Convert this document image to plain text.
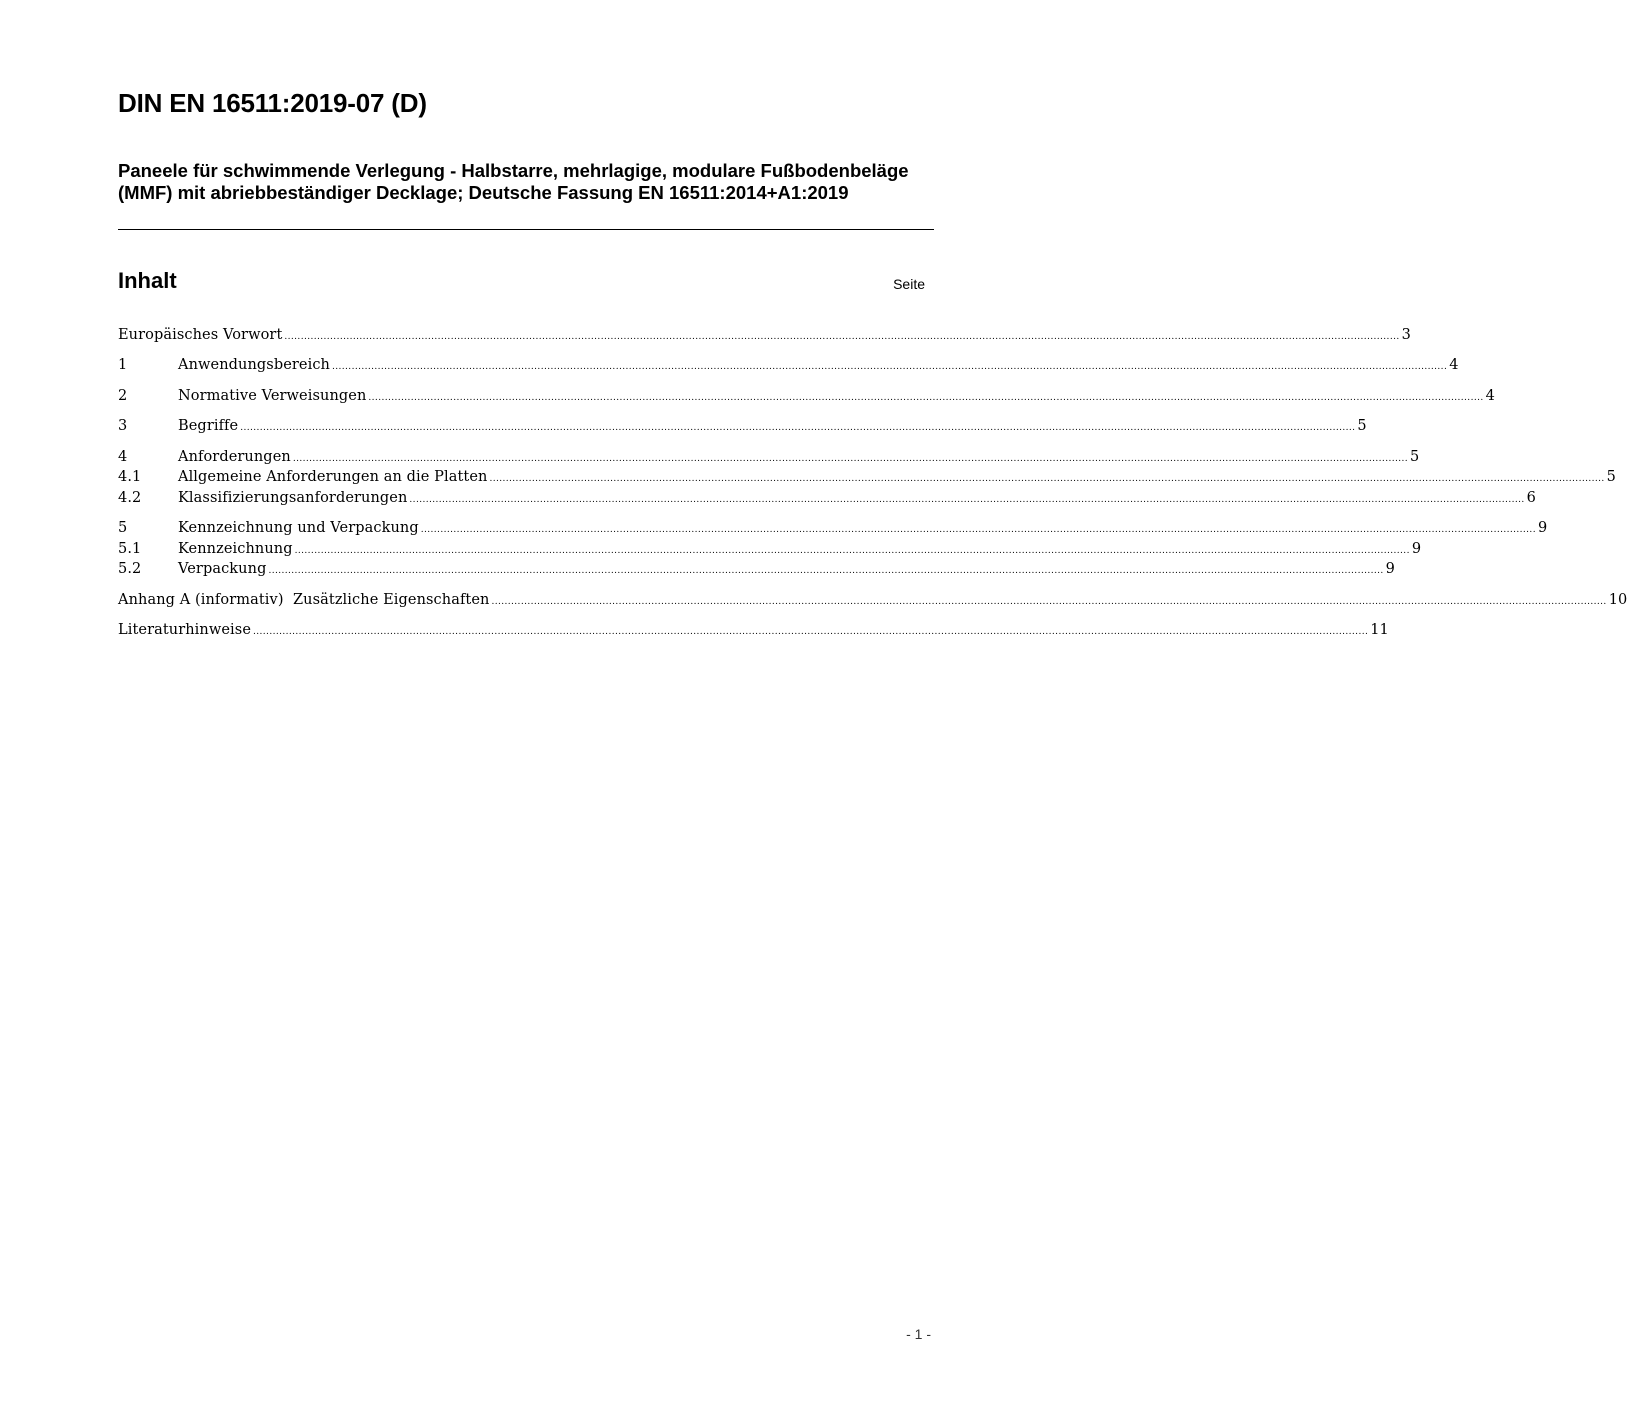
DIN EN 16511:2019-07 (D)

Paneele für schwimmende Verlegung - Halbstarre, mehrlagige, modulare Fußbodenbeläge (MMF) mit abriebbeständiger Decklage; Deutsche Fassung EN 16511:2014+A1:2019

Inhalt	Seite
Europäisches Vorwort ...................................................................................................................................................................................................................................................................................................................................................... 3
1	Anwendungsbereich ...................................................................................................................................................................................................................................................................................................................................................... 4
2	Normative Verweisungen ...................................................................................................................................................................................................................................................................................................................................................... 4
3	Begriffe ...................................................................................................................................................................................................................................................................................................................................................... 5
4	Anforderungen ...................................................................................................................................................................................................................................................................................................................................................... 5
4.1	Allgemeine Anforderungen an die Platten ...................................................................................................................................................................................................................................................................................................................................................... 5
4.2	Klassifizierungsanforderungen ...................................................................................................................................................................................................................................................................................................................................................... 6
5	Kennzeichnung und Verpackung ...................................................................................................................................................................................................................................................................................................................................................... 9
5.1	Kennzeichnung ...................................................................................................................................................................................................................................................................................................................................................... 9
5.2	Verpackung ...................................................................................................................................................................................................................................................................................................................................................... 9
Anhang A (informativ)  Zusätzliche Eigenschaften ...................................................................................................................................................................................................................................................................................................................................................... 10
Literaturhinweise ...................................................................................................................................................................................................................................................................................................................................................... 11
- 1 -
